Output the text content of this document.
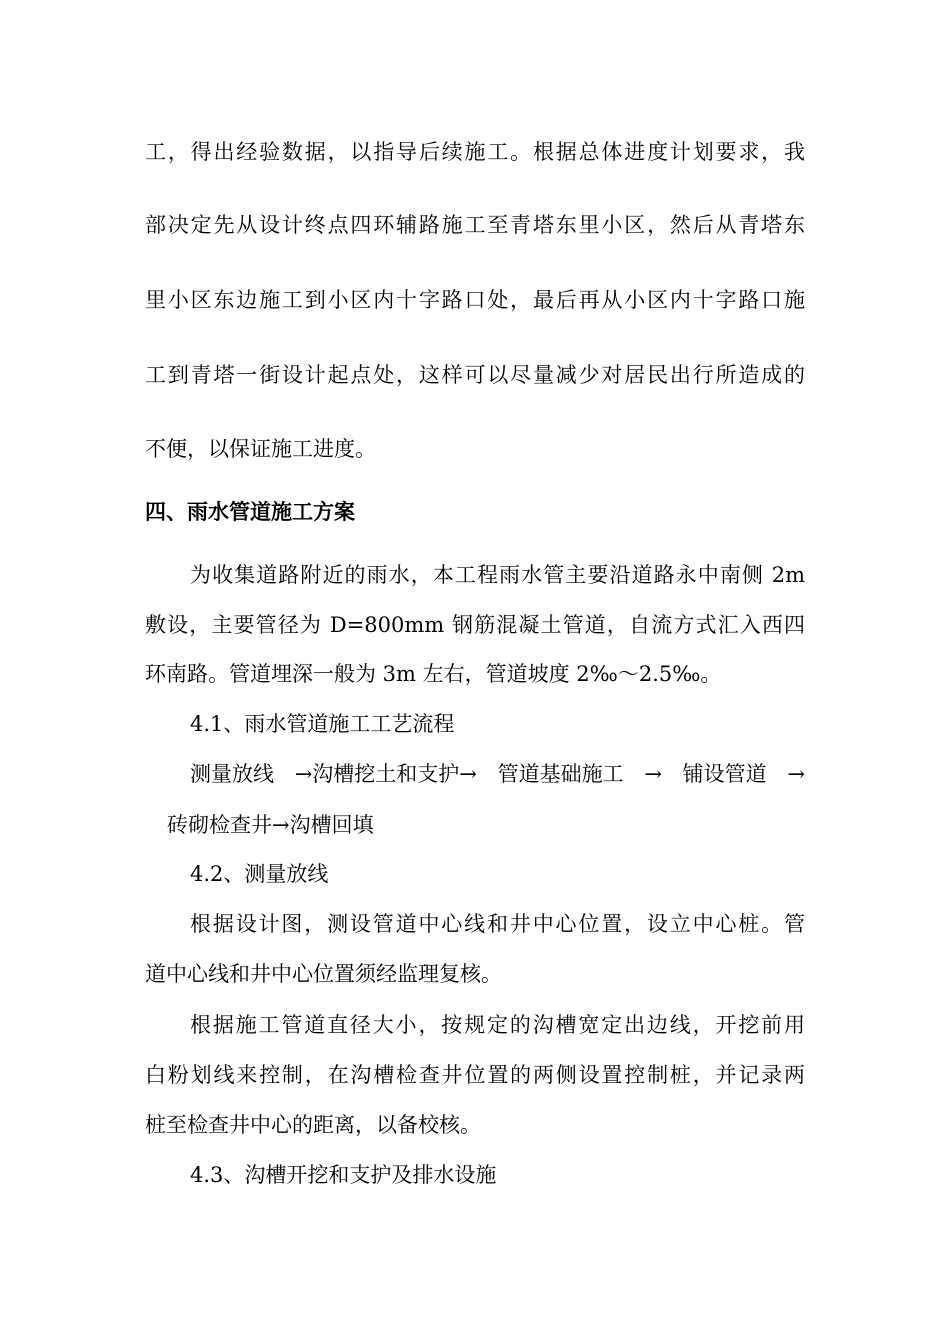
工，得出经验数据，以指导后续施工。根据总体进度计划要求，我
部决定先从设计终点四环辅路施工至青塔东里小区，然后从青塔东
里小区东边施工到小区内十字路口处，最后再从小区内十字路口施
工到青塔一街设计起点处，这样可以尽量减少对居民出行所造成的
不便，以保证施工进度。
四、雨水管道施工方案
为收集道路附近的雨水，本工程雨水管主要沿道路永中南侧 2m
敷设，主要管径为 D=800mm 钢筋混凝土管道，自流方式汇入西四
环南路。管道埋深一般为 3m 左右，管道坡度 2‰～2.5‰。
4.1、雨水管道施工工艺流程
测量放线 →沟槽挖土和支护→ 管道基础施工 → 铺设管道 →
砖砌检查井→沟槽回填
4.2、测量放线
根据设计图，测设管道中心线和井中心位置，设立中心桩。管
道中心线和井中心位置须经监理复核。
根据施工管道直径大小，按规定的沟槽宽定出边线，开挖前用
白粉划线来控制，在沟槽检查井位置的两侧设置控制桩，并记录两
桩至检查井中心的距离，以备校核。
4.3、沟槽开挖和支护及排水设施
